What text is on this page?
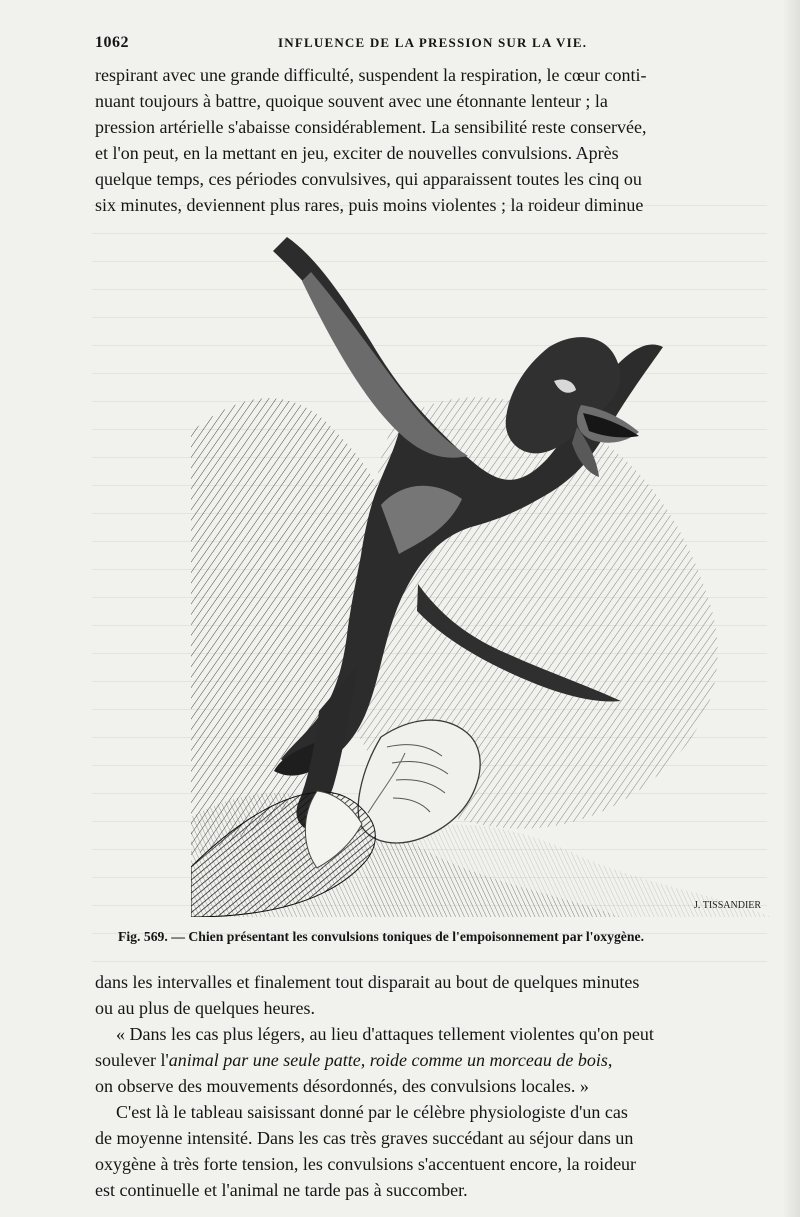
1062	INFLUENCE DE LA PRESSION SUR LA VIE.
respirant avec une grande difficulté, suspendent la respiration, le cœur conti-
nuant toujours à battre, quoique souvent avec une étonnante lenteur ; la
pression artérielle s'abaisse considérablement. La sensibilité reste conservée,
et l'on peut, en la mettant en jeu, exciter de nouvelles convulsions. Après
quelque temps, ces périodes convulsives, qui apparaissent toutes les cinq ou
six minutes, deviennent plus rares, puis moins violentes ; la roideur diminue
J. TISSANDIER
Fig. 569. — Chien présentant les convulsions toniques de l'empoisonnement par l'oxygène.
dans les intervalles et finalement tout disparait au bout de quelques minutes
ou au plus de quelques heures.
« Dans les cas plus légers, au lieu d'attaques tellement violentes qu'on peut
soulever l'animal par une seule patte, roide comme un morceau de bois,
on observe des mouvements désordonnés, des convulsions locales. »
C'est là le tableau saisissant donné par le célèbre physiologiste d'un cas
de moyenne intensité. Dans les cas très graves succédant au séjour dans un
oxygène à très forte tension, les convulsions s'accentuent encore, la roideur
est continuelle et l'animal ne tarde pas à succomber.
